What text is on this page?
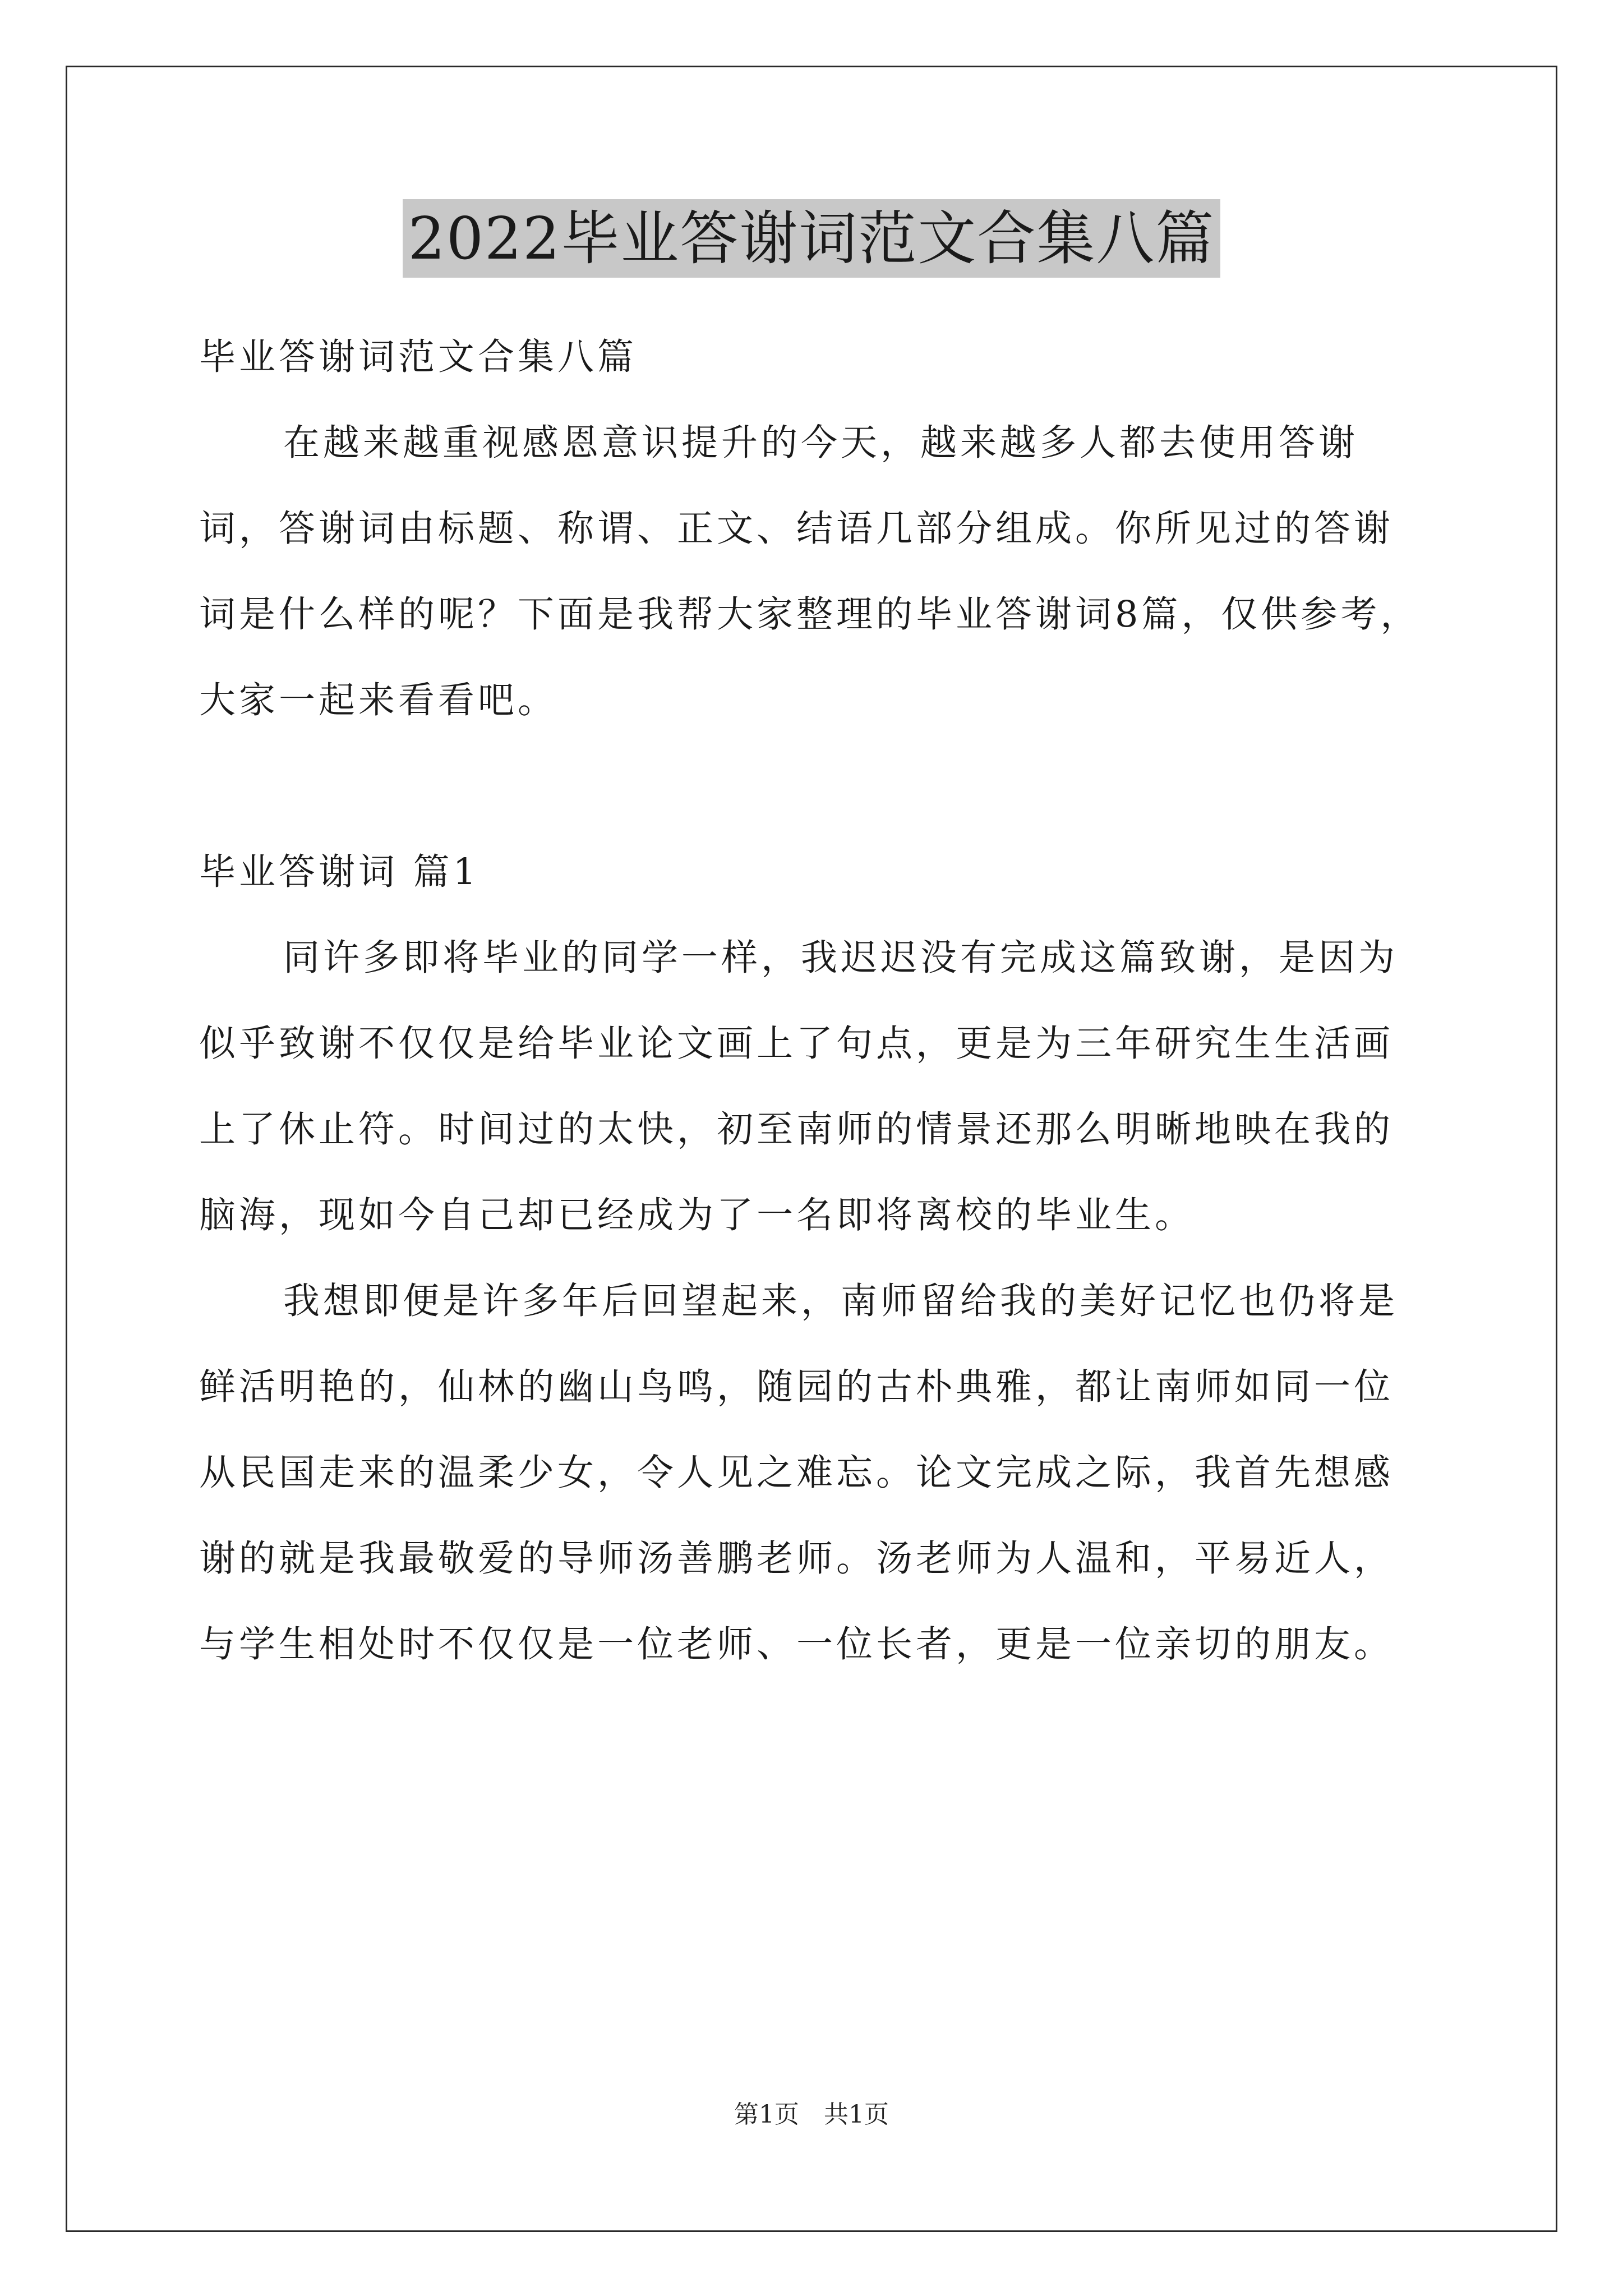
2022毕业答谢词范文合集八篇

毕业答谢词范文合集八篇

在越来越重视感恩意识提升的今天，越来越多人都去使用答谢词，答谢词由标题、称谓、正文、结语几部分组成。你所见过的答谢词是什么样的呢？下面是我帮大家整理的毕业答谢词8篇，仅供参考，大家一起来看看吧。

毕业答谢词 篇1

同许多即将毕业的同学一样，我迟迟没有完成这篇致谢，是因为似乎致谢不仅仅是给毕业论文画上了句点，更是为三年研究生生活画上了休止符。时间过的太快，初至南师的情景还那么明晰地映在我的脑海，现如今自己却已经成为了一名即将离校的毕业生。

我想即便是许多年后回望起来，南师留给我的美好记忆也仍将是鲜活明艳的，仙林的幽山鸟鸣，随园的古朴典雅，都让南师如同一位从民国走来的温柔少女，令人见之难忘。论文完成之际，我首先想感谢的就是我最敬爱的导师汤善鹏老师。汤老师为人温和，平易近人，与学生相处时不仅仅是一位老师、一位长者，更是一位亲切的朋友。

第1页　共1页
